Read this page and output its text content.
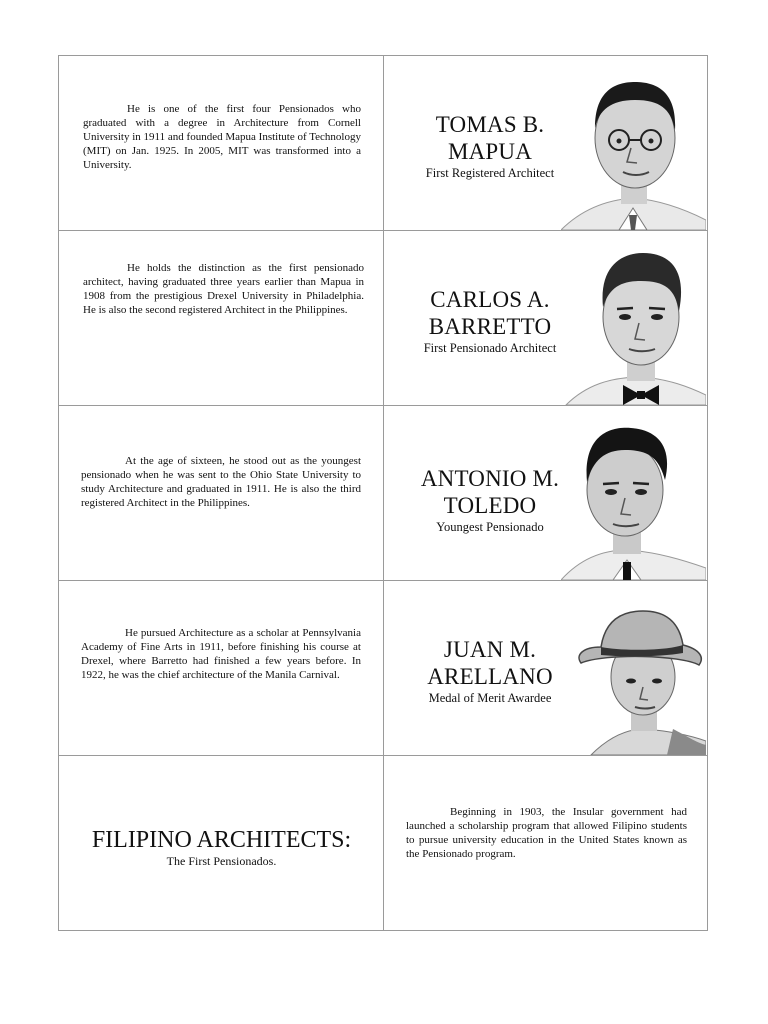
He is one of the first four Pensionados who graduated with a degree in Architecture from Cornell University in 1911 and founded Mapua Institute of Technology (MIT) on Jan. 1925. In 2005, MIT was transformed into a University.

TOMAS B.
MAPUA
First Registered Architect

He holds the distinction as the first pensionado architect, having graduated three years earlier than Mapua in 1908 from the prestigious Drexel University in Philadelphia. He is also the second registered Architect in the Philippines.	CARLOS A.
BARRETTO
First Pensionado Architect

At the age of sixteen, he stood out as the youngest pensionado when he was sent to the Ohio State University to study Architecture and graduated in 1911. He is also the third registered Architect in the Philippines.

ANTONIO M.
TOLEDO
Youngest Pensionado

He pursued Architecture as a scholar at Pennsylvania Academy of Fine Arts in 1911, before finishing his course at Drexel, where Barretto had finished a few years before. In 1922, he was the chief architecture of the Manila Carnival.

JUAN M.
ARELLANO
Medal of Merit Awardee
FILIPINO ARCHITECTS:
The First Pensionados.

Beginning in 1903, the Insular government had launched a scholarship program that allowed Filipino students to pursue university education in the United States known as the Pensionado program.
